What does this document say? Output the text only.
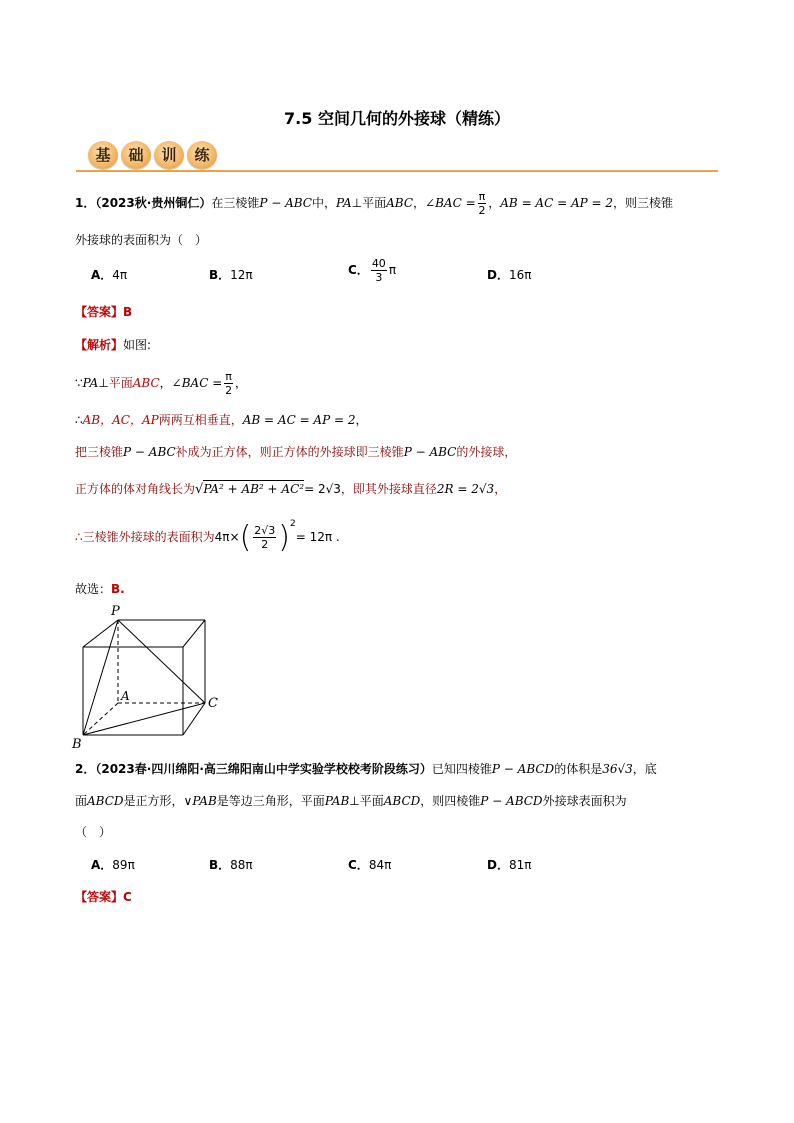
7.5 空间几何的外接球（精练）
基	础	训	练
1．（2023秋·贵州铜仁）在三棱锥P − ABC中，PA⊥平面ABC，∠BAC = $\frac{\pi}{2}$ ，AB = AC = AP = 2，则三棱锥
外接球的表面积为（　）
A．4π	B．12π	C． $\frac{40}{3}$ π	D．16π
【答案】B
【解析】如图:
∵PA⊥平面ABC，∠BAC = $\frac{\pi}{2}$ ，
∴AB，AC，AP两两互相垂直，AB = AC = AP = 2，
把三棱锥P − ABC补成为正方体，则正方体的外接球即三棱锥P − ABC的外接球，
正方体的体对角线长为√PA² + AB² + AC²= 2√3，即其外接球直径2R = 2√3，
∴三棱锥外接球的表面积为$4\pi\times( \frac{2√3}{2} )^2= 12\pi$ .
故选：B.
P
A
B
C
2．（2023春·四川绵阳·高三绵阳南山中学实验学校校考阶段练习）已知四棱锥P − ABCD的体积是36√3，底
面ABCD是正方形，∨PAB是等边三角形，平面PAB⊥平面ABCD，则四棱锥P − ABCD外接球表面积为
（　）
A．89π	B．88π	C．84π	D．81π
【答案】C
